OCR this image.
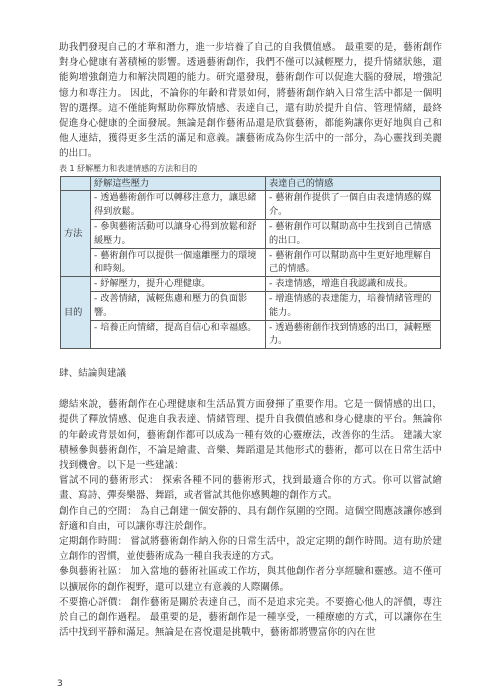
助我們發現自己的才華和潛力，進一步培養了自己的自我價值感。 最重要的是，藝術創作對身心健康有著積極的影響。透過藝術創作，我們不僅可以減輕壓力，提升情緒狀態，還能夠增強創造力和解決問題的能力。研究還發現，藝術創作可以促進大腦的發展，增強記憶力和專注力。 因此，不論你的年齡和背景如何，將藝術創作納入日常生活中都是一個明智的選擇。這不僅能夠幫助你釋放情感、表達自己，還有助於提升自信、管理情緒，最終促進身心健康的全面發展。無論是創作藝術品還是欣賞藝術，都能夠讓你更好地與自己和他人連結，獲得更多生活的滿足和意義。讓藝術成為你生活中的一部分，為心靈找到美麗的出口。

表 1 紓解壓力和表達情感的方法和目的

	紓解這些壓力	表達自己的情感
方法	- 透過藝術創作可以轉移注意力，讓思緒得到放鬆。	- 藝術創作提供了一個自由表達情感的媒介。
	- 參與藝術活動可以讓身心得到放鬆和舒緩壓力。	- 藝術創作可以幫助高中生找到自己情感的出口。
	- 藝術創作可以提供一個遠離壓力的環境和時刻。	- 藝術創作可以幫助高中生更好地理解自己的情感。
目的	- 紓解壓力，提升心理健康。	- 表達情感，增進自我認識和成長。
	- 改善情緒，減輕焦慮和壓力的負面影響。	- 增進情感的表達能力，培養情緒管理的能力。
	- 培養正向情緒，提高自信心和幸福感。	- 透過藝術創作找到情感的出口，減輕壓力。

肆、結論與建議

總結來說，藝術創作在心理健康和生活品質方面發揮了重要作用。它是一個情感的出口，提供了釋放情感、促進自我表達、情緒管理、提升自我價值感和身心健康的平台。無論你的年齡或背景如何，藝術創作都可以成為一種有效的心靈療法，改善你的生活。 建議大家積極參與藝術創作，不論是繪畫、音樂、舞蹈還是其他形式的藝術，都可以在日常生活中找到機會。以下是一些建議：

嘗試不同的藝術形式： 探索各種不同的藝術形式，找到最適合你的方式。你可以嘗試繪畫、寫詩、彈奏樂器、舞蹈，或者嘗試其他你感興趣的創作方式。

創作自己的空間： 為自己創建一個安靜的、具有創作氛圍的空間。這個空間應該讓你感到舒適和自由，可以讓你專注於創作。

定期創作時間： 嘗試將藝術創作納入你的日常生活中，設定定期的創作時間。這有助於建立創作的習慣，並使藝術成為一種自我表達的方式。

參與藝術社區： 加入當地的藝術社區或工作坊，與其他創作者分享經驗和靈感。這不僅可以擴展你的創作視野，還可以建立有意義的人際關係。

不要擔心評價： 創作藝術是關於表達自己，而不是追求完美。不要擔心他人的評價，專注於自己的創作過程。 最重要的是，藝術創作是一種享受，一種療癒的方式，可以讓你在生活中找到平靜和滿足。無論是在喜悅還是挑戰中，藝術都將豐富你的內在世

3
